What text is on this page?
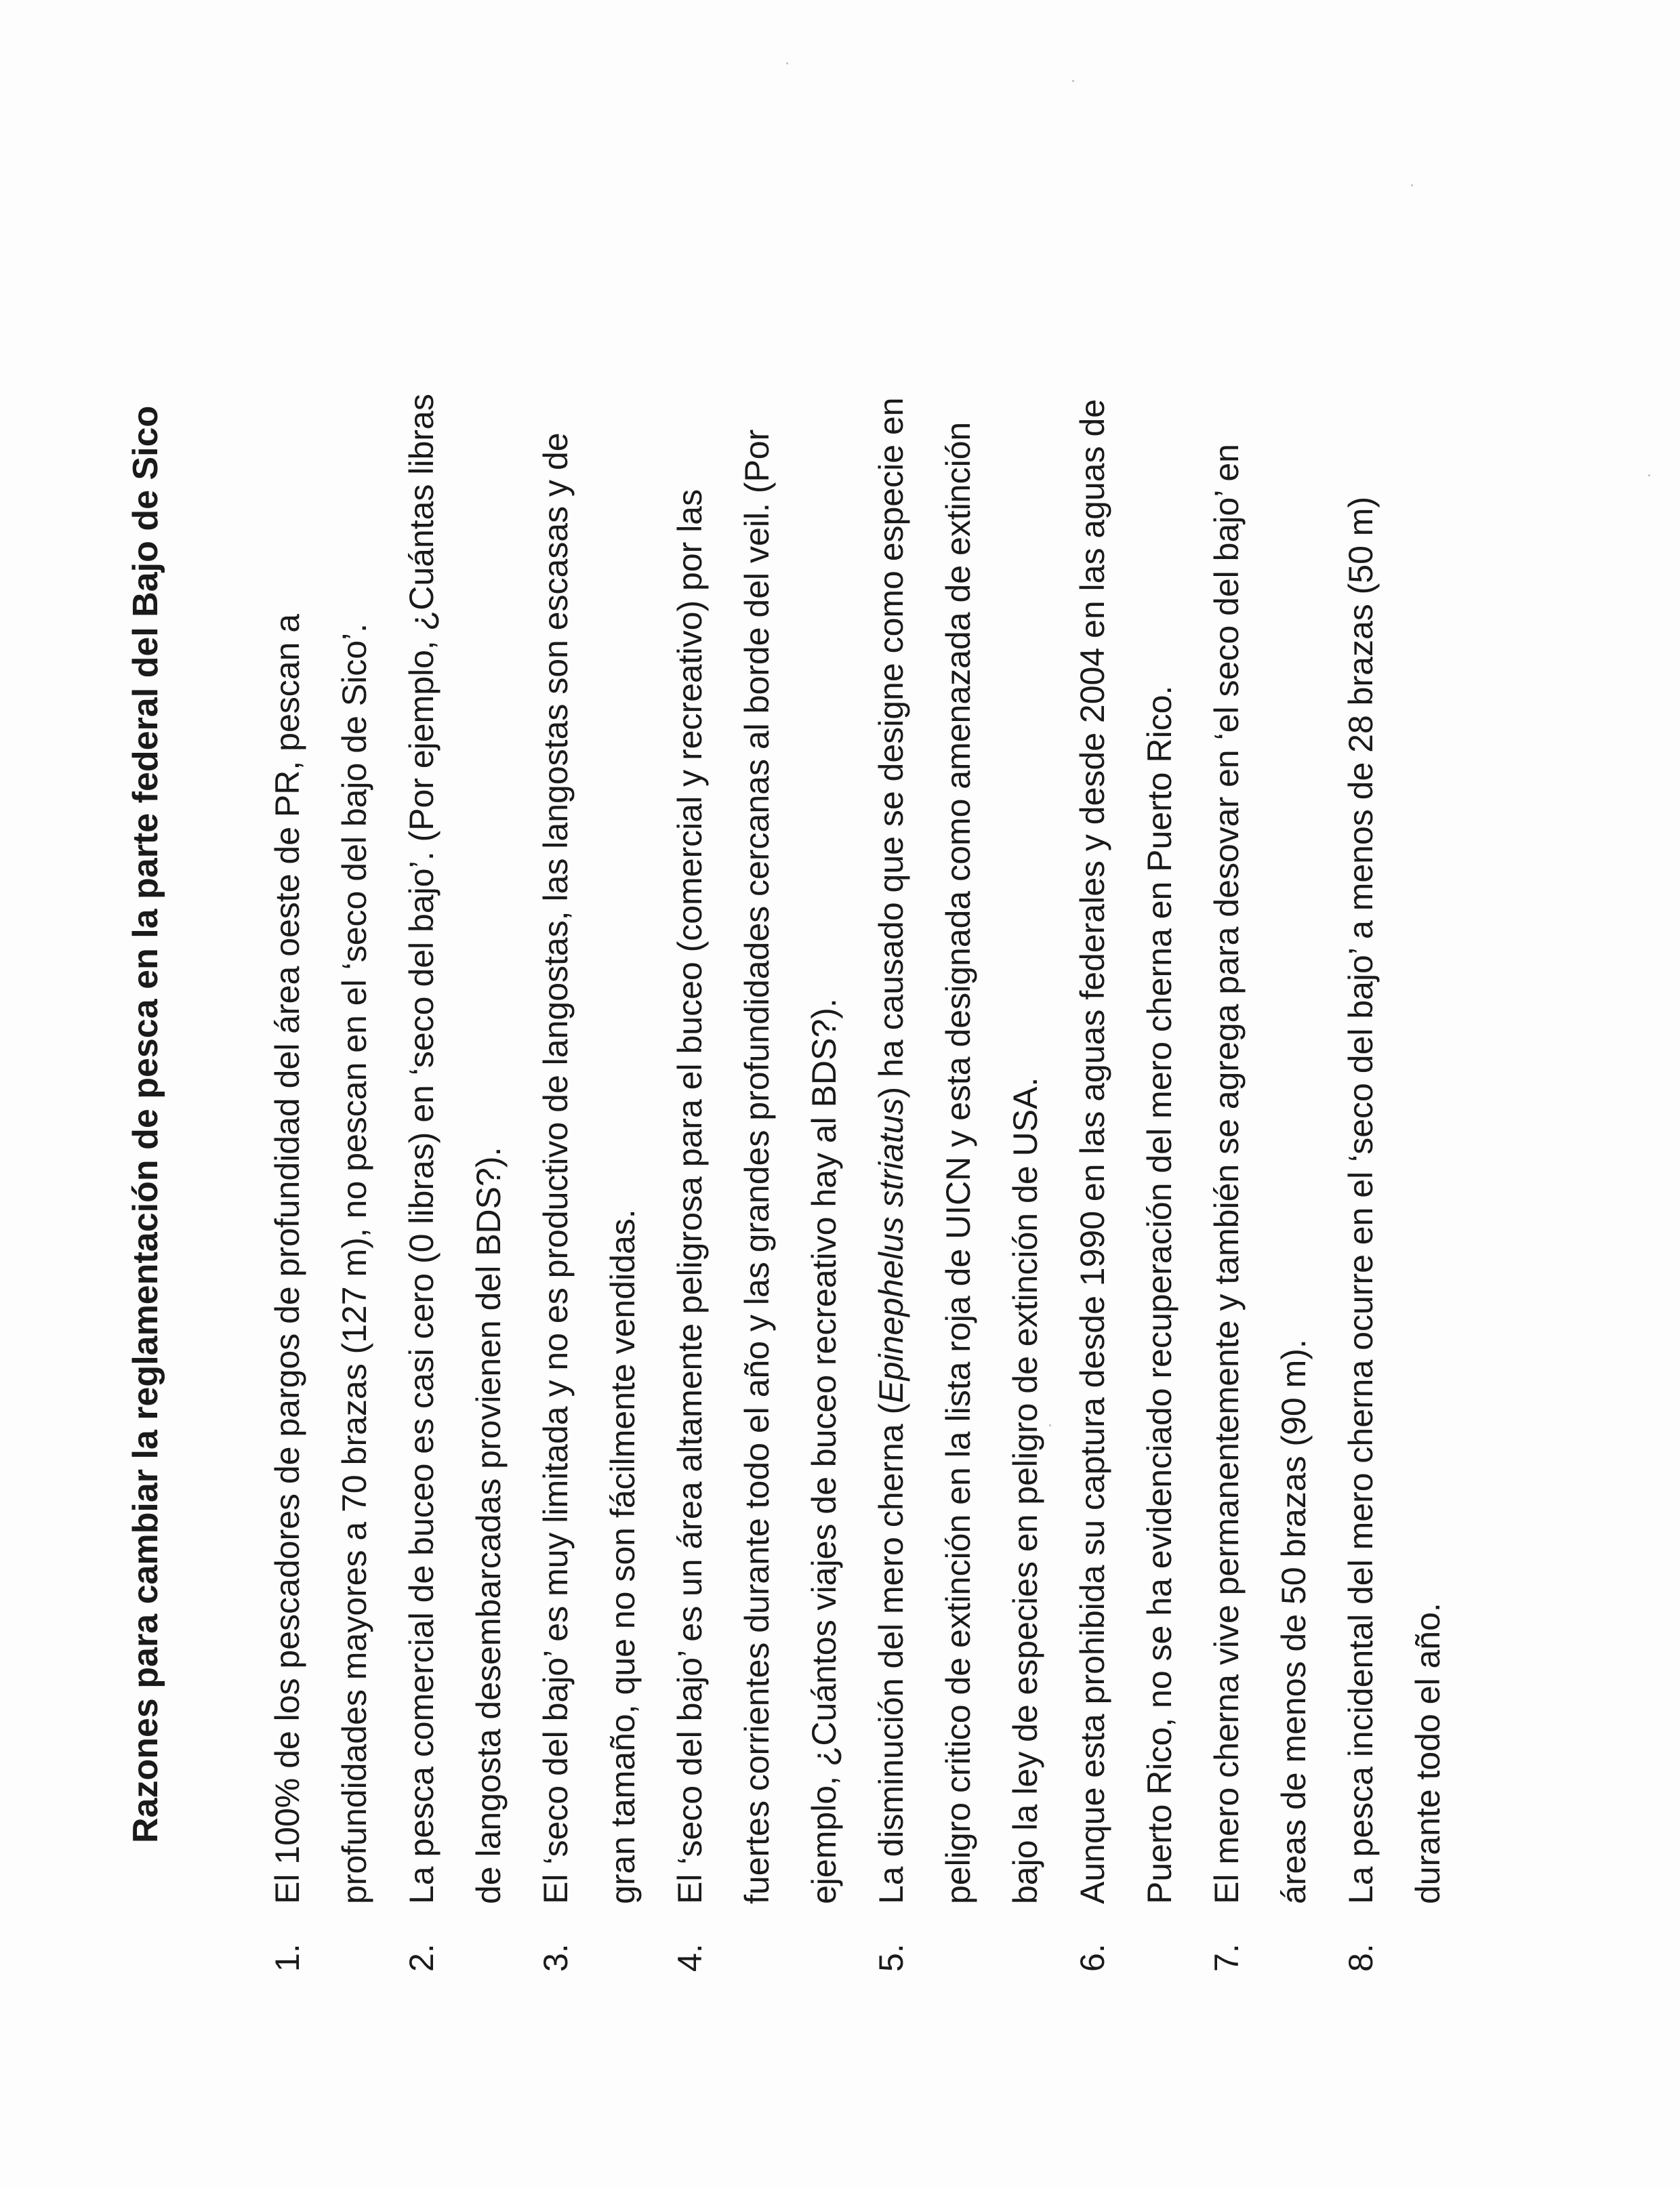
Razones para cambiar la reglamentación de pesca en la parte federal del Bajo de Sico
1.
El 100% de los pescadores de pargos de profundidad del área oeste de PR, pescan a profundidades mayores a 70 brazas (127 m), no pescan en el ‘seco del bajo de Sico’.
2.
La pesca comercial de buceo es casi cero (0 libras) en ‘seco del bajo’. (Por ejemplo, ¿Cuántas libras de langosta desembarcadas provienen del BDS?).
3.
El ‘seco del bajo’ es muy limitada y no es productivo de langostas, las langostas son escasas y de gran tamaño, que no son fácilmente vendidas.
4.
El ‘seco del bajo’ es un área altamente peligrosa para el buceo (comercial y recreativo) por las fuertes corrientes durante todo el año y las grandes profundidades cercanas al borde del veil. (Por ejemplo, ¿Cuántos viajes de buceo recreativo hay al BDS?).
5.
La disminución del mero cherna (Epinephelus striatus) ha causado que se designe como especie en peligro critico de extinción en la lista roja de UICN y esta designada como amenazada de extinción bajo la ley de especies en peligro de extinción de USA.
6.
Aunque esta prohibida su captura desde 1990 en las aguas federales y desde 2004 en las aguas de Puerto Rico, no se ha evidenciado recuperación del mero cherna en Puerto Rico.
7.
El mero cherna vive permanentemente y también se agrega para desovar en ‘el seco del bajo’ en áreas de menos de 50 brazas (90 m).
8.
La pesca incidental del mero cherna ocurre en el ‘seco del bajo’ a menos de 28 brazas (50 m) durante todo el año.
